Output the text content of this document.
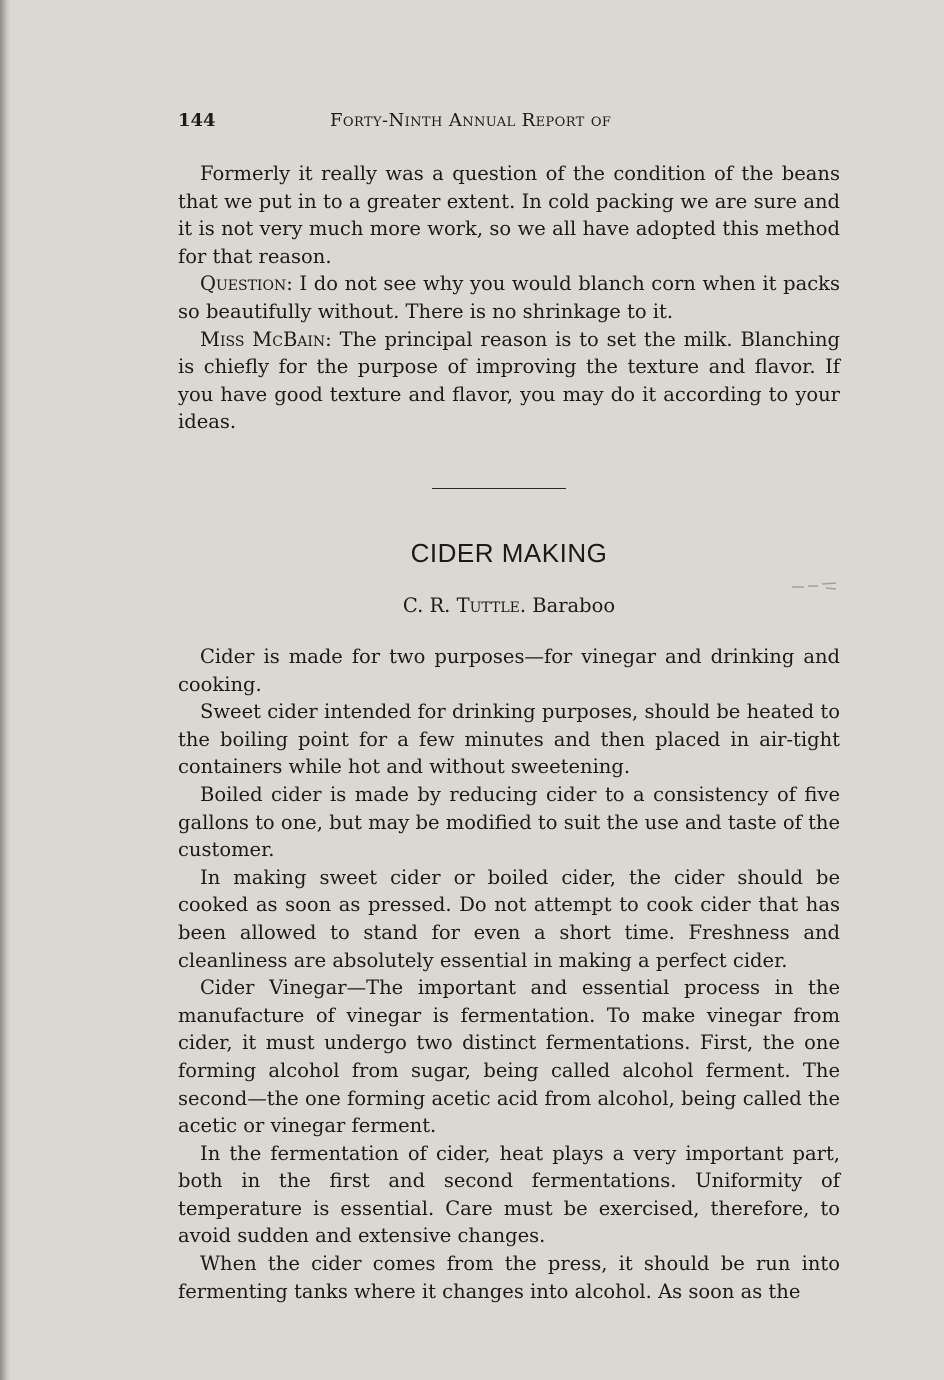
144	Forty-Ninth Annual Report of

Formerly it really was a question of the condition of the beans that we put in to a greater extent. In cold packing we are sure and it is not very much more work, so we all have adopted this method for that reason.

Question: I do not see why you would blanch corn when it packs so beautifully without. There is no shrinkage to it.

Miss McBain: The principal reason is to set the milk. Blanching is chiefly for the purpose of improving the texture and flavor. If you have good texture and flavor, you may do it according to your ideas.

CIDER MAKING
C. R. Tuttle. Baraboo

Cider is made for two purposes—for vinegar and drinking and cooking.

Sweet cider intended for drinking purposes, should be heated to the boiling point for a few minutes and then placed in air-tight containers while hot and without sweetening.

Boiled cider is made by reducing cider to a consistency of five gallons to one, but may be modified to suit the use and taste of the customer.

In making sweet cider or boiled cider, the cider should be cooked as soon as pressed. Do not attempt to cook cider that has been allowed to stand for even a short time. Freshness and cleanliness are absolutely essential in making a perfect cider.

Cider Vinegar—The important and essential process in the manufacture of vinegar is fermentation. To make vinegar from cider, it must undergo two distinct fermentations. First, the one forming alcohol from sugar, being called alcohol ferment. The second—the one forming acetic acid from alcohol, being called the acetic or vinegar ferment.

In the fermentation of cider, heat plays a very important part, both in the first and second fermentations. Uniformity of temperature is essential. Care must be exercised, therefore, to avoid sudden and extensive changes.

When the cider comes from the press, it should be run into fermenting tanks where it changes into alcohol. As soon as the
